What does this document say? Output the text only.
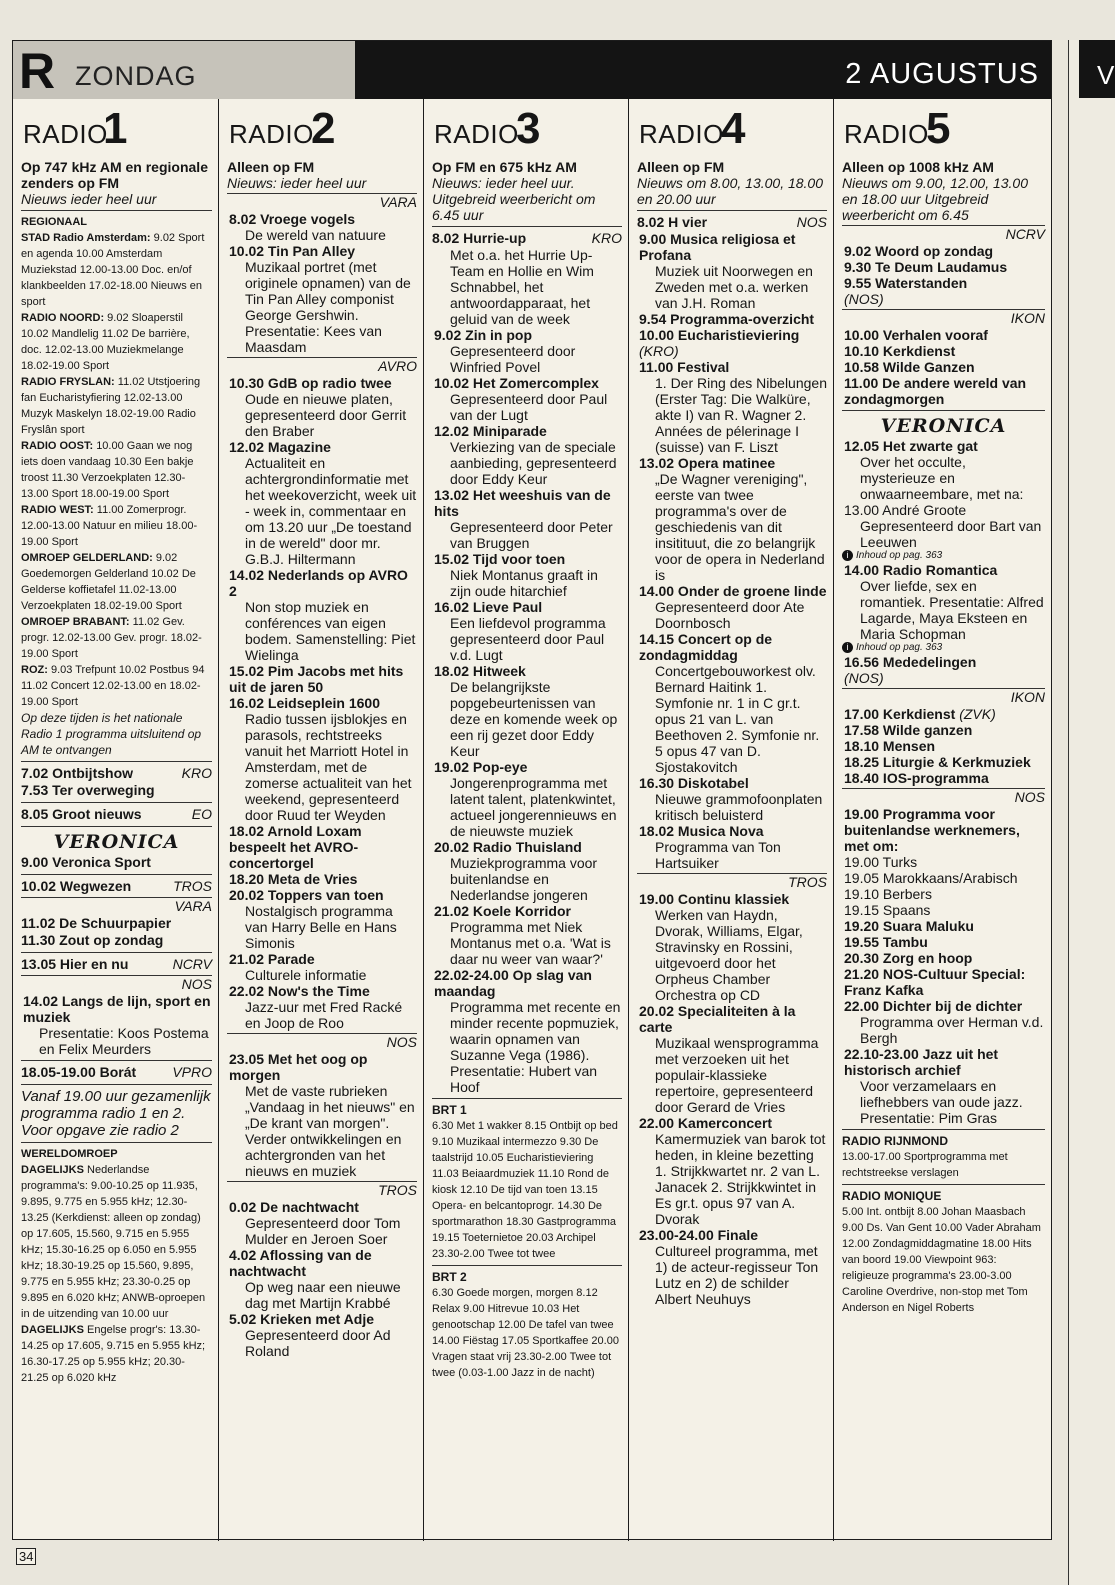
R ZONDAG	2 AUGUSTUS
RADIO
1
Op 747 kHz AM en regionale zenders op FM
Nieuws ieder heel uur
REGIONAAL
STAD Radio Amsterdam: 9.02 Sport en agenda 10.00 Amsterdam Muziekstad 12.00-13.00 Doc. en/of klankbeelden 17.02-18.00 Nieuws en sport
RADIO NOORD: 9.02 Sloaperstil 10.02 Mandlelig 11.02 De barrière, doc. 12.02-13.00 Muziekmelange 18.02-19.00 Sport
RADIO FRYSLAN: 11.02 Utstjoering fan Eucharistyfiering 12.02-13.00 Muzyk Maskelyn 18.02-19.00 Radio Fryslân sport
RADIO OOST: 10.00 Gaan we nog iets doen vandaag 10.30 Een bakje troost 11.30 Verzoekplaten 12.30-13.00 Sport 18.00-19.00 Sport
RADIO WEST: 11.00 Zomerprogr. 12.00-13.00 Natuur en milieu 18.00-19.00 Sport
OMROEP GELDERLAND: 9.02 Goedemorgen Gelderland 10.02 De Gelderse koffietafel 11.02-13.00 Verzoekplaten 18.02-19.00 Sport
OMROEP BRABANT: 11.02 Gev. progr. 12.02-13.00 Gev. progr. 18.02-19.00 Sport
ROZ: 9.03 Trefpunt 10.02 Postbus 94 11.02 Concert 12.02-13.00 en 18.02-19.00 Sport
Op deze tijden is het nationale Radio 1 programma uitsluitend op AM te ontvangen
7.02 Ontbijtshow	KRO
7.53 Ter overweging
8.05 Groot nieuws	EO
VERONICA
9.00 Veronica Sport
10.02 Wegwezen	TROS
VARA
11.02 De Schuurpapier
11.30 Zout op zondag
13.05 Hier en nu	NCRV
NOS
14.02 Langs de lijn, sport en muziek
Presentatie: Koos Postema en Felix Meurders
18.05-19.00 Borát	VPRO
Vanaf 19.00 uur gezamenlijk programma radio 1 en 2. Voor opgave zie radio 2
WERELDOMROEP
DAGELIJKS Nederlandse programma's: 9.00-10.25 op 11.935, 9.895, 9.775 en 5.955 kHz; 12.30-13.25 (Kerkdienst: alleen op zondag) op 17.605, 15.560, 9.715 en 5.955 kHz; 15.30-16.25 op 6.050 en 5.955 kHz; 18.30-19.25 op 15.560, 9.895, 9.775 en 5.955 kHz; 23.30-0.25 op 9.895 en 6.020 kHz; ANWB-oproepen in de uitzending van 10.00 uur
DAGELIJKS Engelse progr's: 13.30-14.25 op 17.605, 9.715 en 5.955 kHz; 16.30-17.25 op 5.955 kHz; 20.30-21.25 op 6.020 kHz
RADIO
2
Alleen op FM
Nieuws: ieder heel uur
VARA
8.02 Vroege vogels
De wereld van natuure
10.02 Tin Pan Alley
Muzikaal portret (met originele opnamen) van de Tin Pan Alley componist George Gershwin. Presentatie: Kees van Maasdam
AVRO
10.30 GdB op radio twee
Oude en nieuwe platen, gepresenteerd door Gerrit den Braber
12.02 Magazine
Actualiteit en achtergrondinformatie met het weekoverzicht, week uit - week in, commentaar en om 13.20 uur „De toestand in de wereld" door mr. G.B.J. Hiltermann
14.02 Nederlands op AVRO 2
Non stop muziek en conférences van eigen bodem. Samenstelling: Piet Wielinga
15.02 Pim Jacobs met hits uit de jaren 50
16.02 Leidseplein 1600
Radio tussen ijsblokjes en parasols, rechtstreeks vanuit het Marriott Hotel in Amsterdam, met de zomerse actualiteit van het weekend, gepresenteerd door Ruud ter Weyden
18.02 Arnold Loxam bespeelt het AVRO-concertorgel
18.20 Meta de Vries
20.02 Toppers van toen
Nostalgisch programma van Harry Belle en Hans Simonis
21.02 Parade
Culturele informatie
22.02 Now's the Time
Jazz-uur met Fred Racké en Joop de Roo
NOS
23.05 Met het oog op morgen
Met de vaste rubrieken „Vandaag in het nieuws" en „De krant van morgen". Verder ontwikkelingen en achtergronden van het nieuws en muziek
TROS
0.02 De nachtwacht
Gepresenteerd door Tom Mulder en Jeroen Soer
4.02 Aflossing van de nachtwacht
Op weg naar een nieuwe dag met Martijn Krabbé
5.02 Krieken met Adje
Gepresenteerd door Ad Roland
RADIO
3
Op FM en 675 kHz AM
Nieuws: ieder heel uur. Uitgebreid weerbericht om 6.45 uur
8.02 Hurrie-up	KRO
Met o.a. het Hurrie Up-Team en Hollie en Wim Schnabbel, het antwoordapparaat, het geluid van de week
9.02 Zin in pop
Gepresenteerd door Winfried Povel
10.02 Het Zomercomplex
Gepresenteerd door Paul van der Lugt
12.02 Miniparade
Verkiezing van de speciale aanbieding, gepresenteerd door Eddy Keur
13.02 Het weeshuis van de hits
Gepresenteerd door Peter van Bruggen
15.02 Tijd voor toen
Niek Montanus graaft in zijn oude hitarchief
16.02 Lieve Paul
Een liefdevol programma gepresenteerd door Paul v.d. Lugt
18.02 Hitweek
De belangrijkste popgebeurtenissen van deze en komende week op een rij gezet door Eddy Keur
19.02 Pop-eye
Jongerenprogramma met latent talent, platenkwintet, actueel jongerennieuws en de nieuwste muziek
20.02 Radio Thuisland
Muziekprogramma voor buitenlandse en Nederlandse jongeren
21.02 Koele Korridor
Programma met Niek Montanus met o.a. 'Wat is daar nu weer van waar?'
22.02-24.00 Op slag van maandag
Programma met recente en minder recente popmuziek, waarin opnamen van Suzanne Vega (1986). Presentatie: Hubert van Hoof
BRT 1
6.30 Met 1 wakker 8.15 Ontbijt op bed 9.10 Muzikaal intermezzo 9.30 De taalstrijd 10.05 Eucharistieviering 11.03 Beiaardmuziek 11.10 Rond de kiosk 12.10 De tijd van toen 13.15 Opera- en belcantoprogr. 14.30 De sportmarathon 18.30 Gastprogramma 19.15 Toeternietoe 20.03 Archipel 23.30-2.00 Twee tot twee
BRT 2
6.30 Goede morgen, morgen 8.12 Relax 9.00 Hitrevue 10.03 Het genootschap 12.00 De tafel van twee 14.00 Fiëstag 17.05 Sportkaffee 20.00 Vragen staat vrij 23.30-2.00 Twee tot twee (0.03-1.00 Jazz in de nacht)
RADIO
4
Alleen op FM
Nieuws om 8.00, 13.00, 18.00 en 20.00 uur
8.02 H vier	NOS
9.00 Musica religiosa et Profana
Muziek uit Noorwegen en Zweden met o.a. werken van J.H. Roman
9.54 Programma-overzicht
10.00 Eucharistieviering
(KRO)
11.00 Festival
1. Der Ring des Nibelungen (Erster Tag: Die Walküre, akte I) van R. Wagner 2. Années de pélerinage I (suisse) van F. Liszt
13.02 Opera matinee
„De Wagner vereniging", eerste van twee programma's over de geschiedenis van dit insitituut, die zo belangrijk voor de opera in Nederland is
14.00 Onder de groene linde
Gepresenteerd door Ate Doornbosch
14.15 Concert op de zondagmiddag
Concertgebouworkest olv. Bernard Haitink 1. Symfonie nr. 1 in C gr.t. opus 21 van L. van Beethoven 2. Symfonie nr. 5 opus 47 van D. Sjostakovitch
16.30 Diskotabel
Nieuwe grammofoonplaten kritisch beluisterd
18.02 Musica Nova
Programma van Ton Hartsuiker
TROS
19.00 Continu klassiek
Werken van Haydn, Dvorak, Williams, Elgar, Stravinsky en Rossini, uitgevoerd door het Orpheus Chamber Orchestra op CD
20.02 Specialiteiten à la carte
Muzikaal wensprogramma met verzoeken uit het populair-klassieke repertoire, gepresenteerd door Gerard de Vries
22.00 Kamerconcert
Kamermuziek van barok tot heden, in kleine bezetting 1. Strijkkwartet nr. 2 van L. Janacek 2. Strijkkwintet in Es gr.t. opus 97 van A. Dvorak
23.00-24.00 Finale
Cultureel programma, met 1) de acteur-regisseur Ton Lutz en 2) de schilder Albert Neuhuys
RADIO
5
Alleen op 1008 kHz AM
Nieuws om 9.00, 12.00, 13.00 en 18.00 uur Uitgebreid weerbericht om 6.45
NCRV
9.02 Woord op zondag
9.30 Te Deum Laudamus
9.55 Waterstanden
(NOS)
IKON
10.00 Verhalen vooraf
10.10 Kerkdienst
10.58 Wilde Ganzen
11.00 De andere wereld van zondagmorgen
VERONICA
12.05 Het zwarte gat
Over het occulte, mysterieuze en onwaarneembare, met na:
13.00 André Groote
Gepresenteerd door Bart van Leeuwen
i Inhoud op pag. 363
14.00 Radio Romantica
Over liefde, sex en romantiek. Presentatie: Alfred Lagarde, Maya Eksteen en Maria Schopman
i Inhoud op pag. 363
16.56 Mededelingen
(NOS)
IKON
17.00 Kerkdienst (ZVK)
17.58 Wilde ganzen
18.10 Mensen
18.25 Liturgie & Kerkmuziek
18.40 IOS-programma
NOS
19.00 Programma voor buitenlandse werknemers, met om:
19.00 Turks
19.05 Marokkaans/Arabisch
19.10 Berbers
19.15 Spaans
19.20 Suara Maluku
19.55 Tambu
20.30 Zorg en hoop
21.20 NOS-Cultuur Special: Franz Kafka
22.00 Dichter bij de dichter
Programma over Herman v.d. Bergh
22.10-23.00 Jazz uit het historisch archief
Voor verzamelaars en liefhebbers van oude jazz. Presentatie: Pim Gras
RADIO RIJNMOND
13.00-17.00 Sportprogramma met rechtstreekse verslagen
RADIO MONIQUE
5.00 Int. ontbijt 8.00 Johan Maasbach 9.00 Ds. Van Gent 10.00 Vader Abraham 12.00 Zondagmiddagmatine 18.00 Hits van boord 19.00 Viewpoint 963: religieuze programma's 23.00-3.00 Caroline Overdrive, non-stop met Tom Anderson en Nigel Roberts
34
V
